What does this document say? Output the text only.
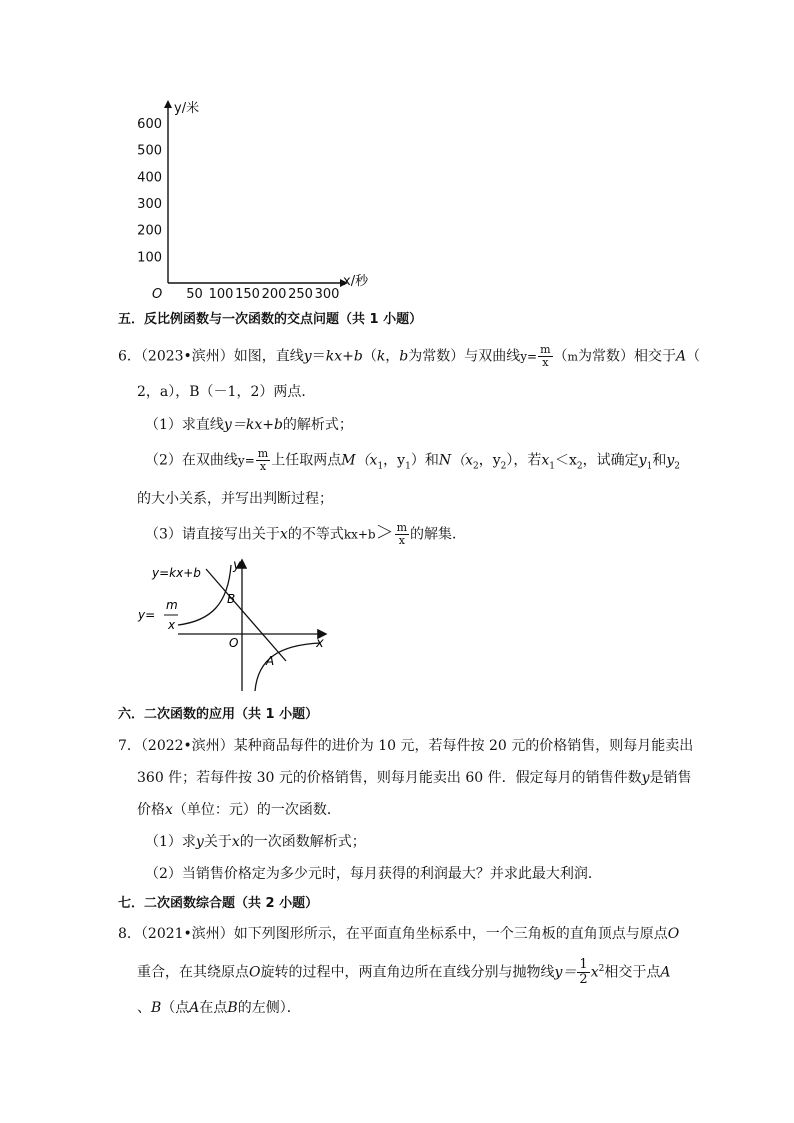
100
200
300
400
500
600
50 100 150 200 250 300
O
y/米
x/秒
五．反比例函数与一次函数的交点问题（共 1 小题）
6．（2023•滨州）如图，直线y＝kx+b（k，b为常数）与双曲线$y= \frac{m}{x} (m$为常数）相交于A（
2，a），B（－1，2）两点．
（1）求直线y＝kx+b的解析式；
（2）在双曲线$y= \frac{m}{x}$ 上任取两点$M(x_1$，$y_1$）和$N(x_2$，$y_2$），若$x_1<x_2$，试确定$y_1$和$y_2$
的大小关系，并写出判断过程；
（3）请直接写出关于x的不等式$kx+b> \frac{m}{x}$ 的解集．
y=kx+b
y=
m
x
y
x
O
B
A
六．二次函数的应用（共 1 小题）
7．（2022•滨州）某种商品每件的进价为 10 元，若每件按 20 元的价格销售，则每月能卖出
360 件；若每件按 30 元的价格销售，则每月能卖出 60 件．假定每月的销售件数y是销售
价格x（单位：元）的一次函数．
（1）求y关于x的一次函数解析式；
（2）当销售价格定为多少元时，每月获得的利润最大？并求此最大利润．
七．二次函数综合题（共 2 小题）
8．（2021•滨州）如下列图形所示，在平面直角坐标系中，一个三角板的直角顶点与原点O
重合，在其绕原点O旋转的过程中，两直角边所在直线分别与抛物线$y= \frac{1}{2} x^2$相交于点A
、B（点A在点B的左侧）．
